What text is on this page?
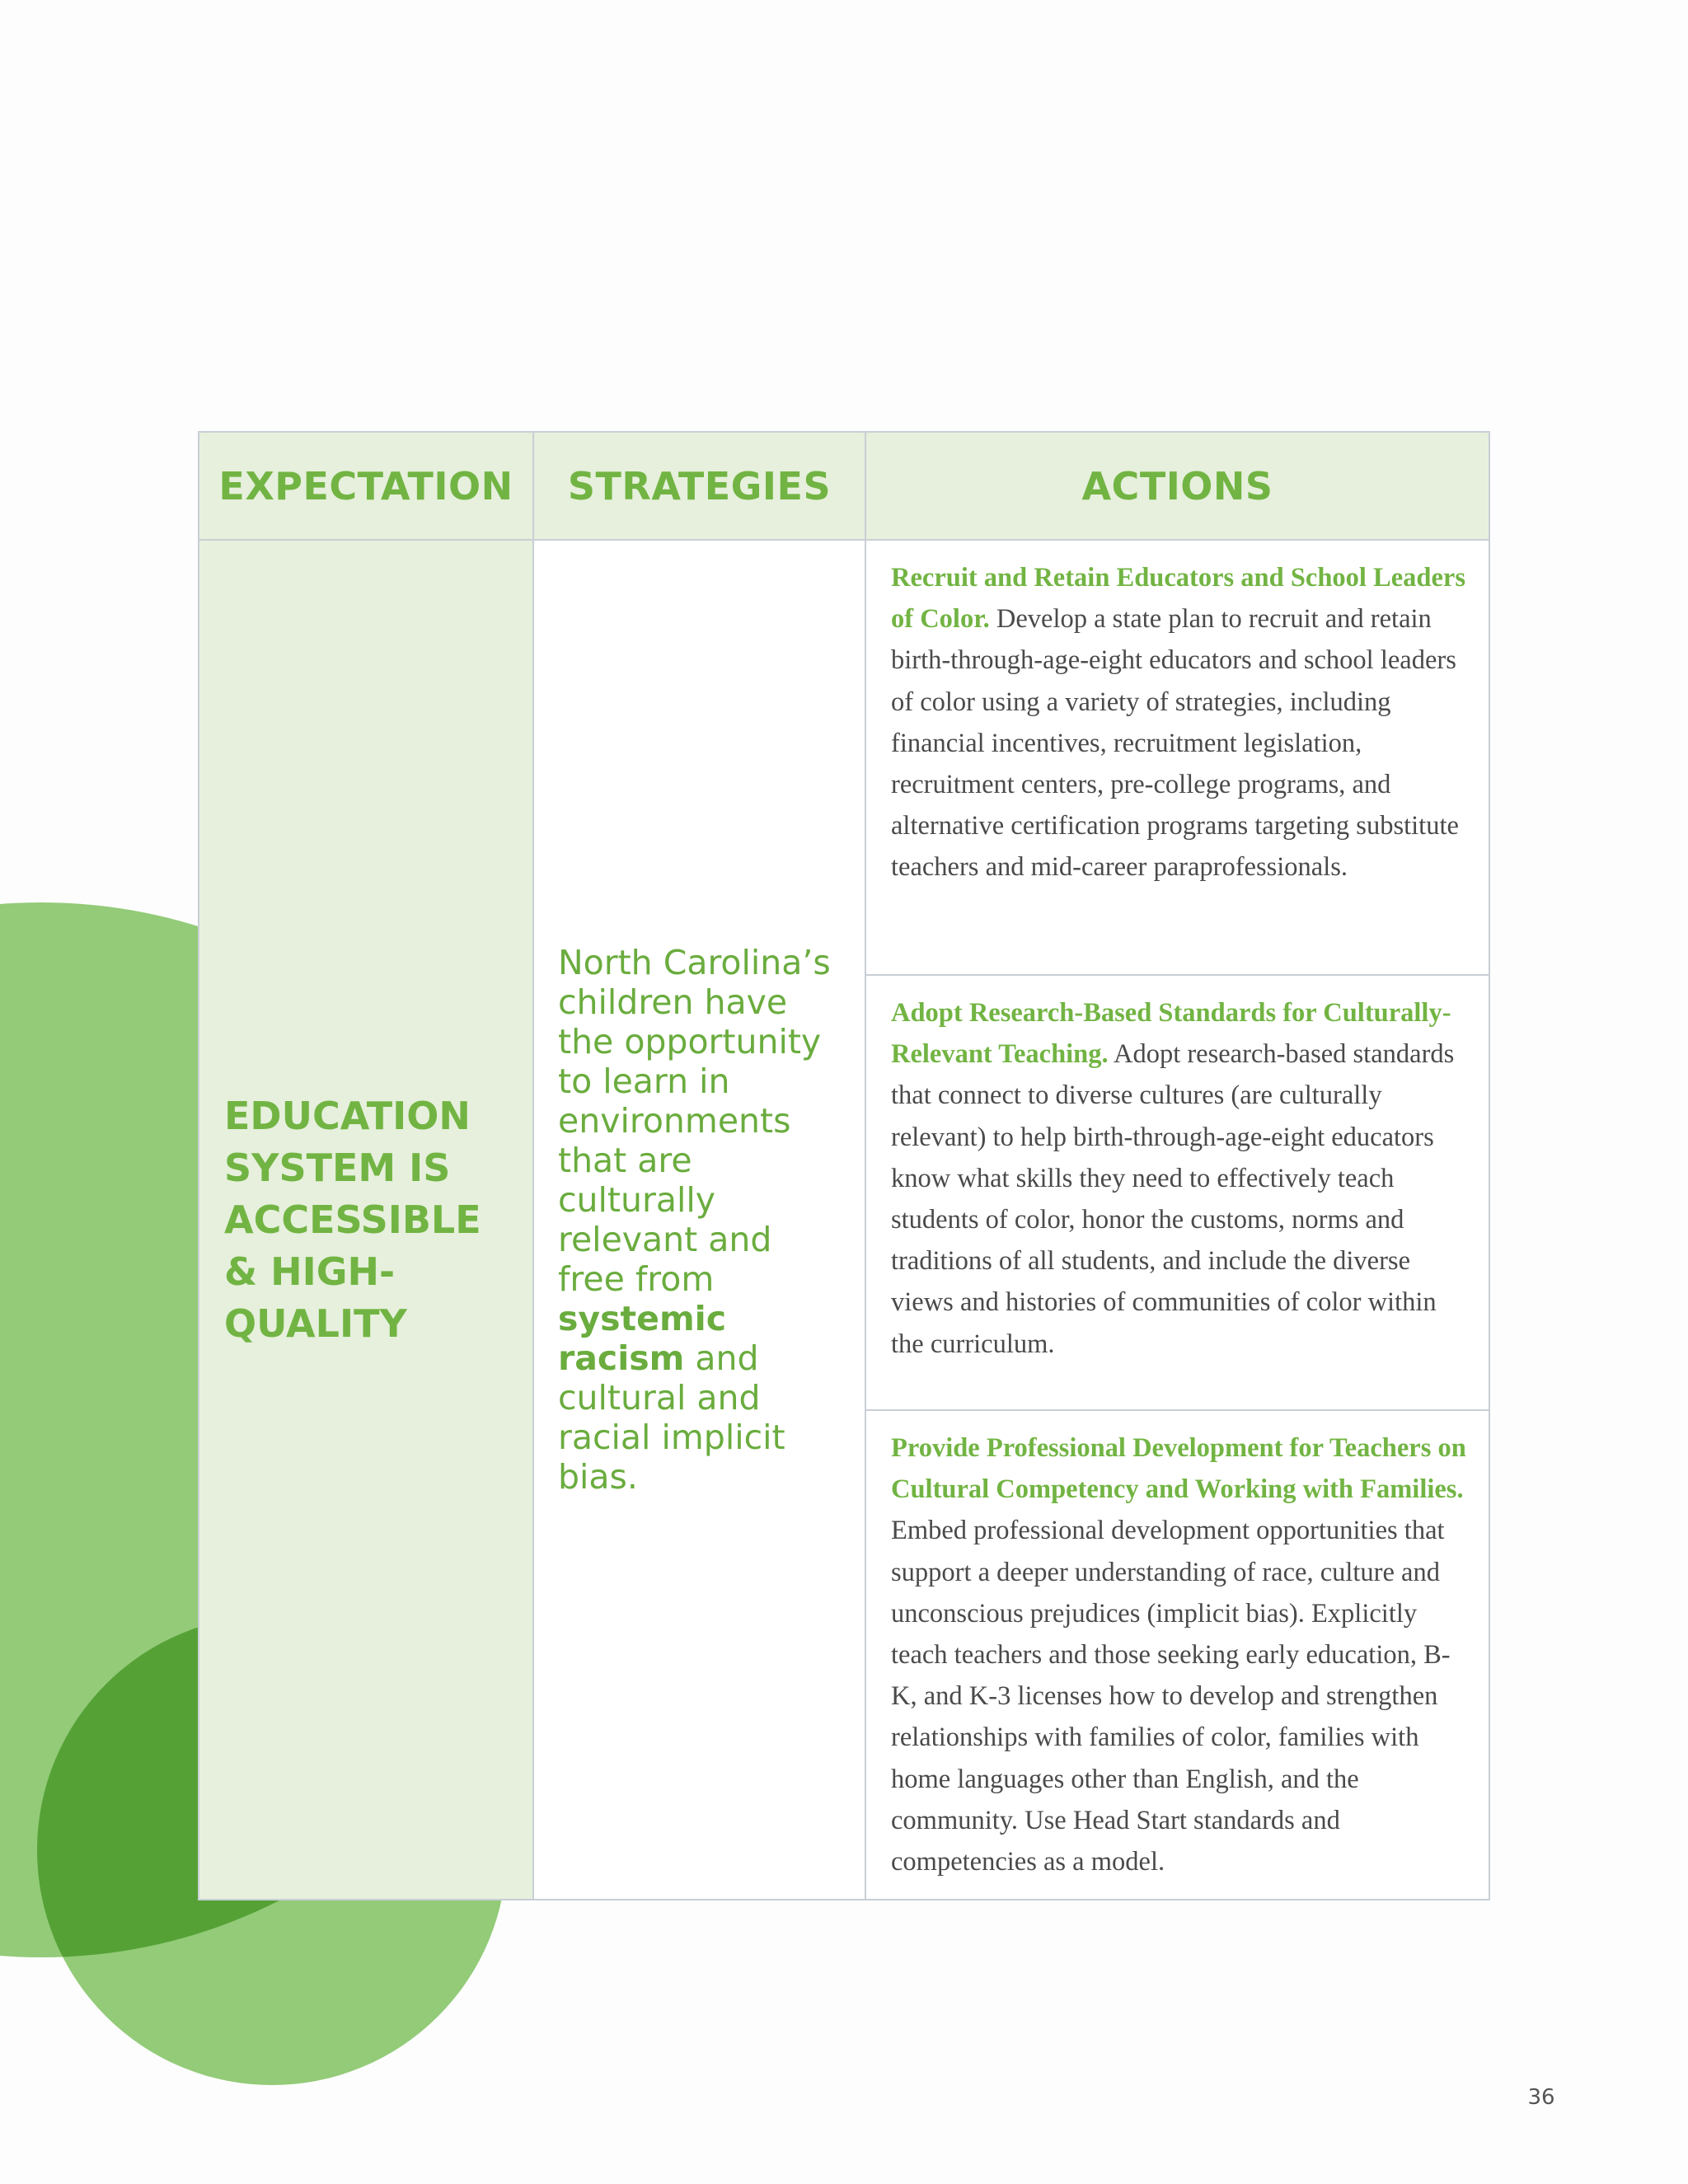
EXPECTATION	STRATEGIES	ACTIONS

EDUCATION SYSTEM IS ACCESSIBLE & HIGH-QUALITY	North Carolina’s children have the opportunity to learn in environments that are culturally relevant and free from systemic racism and cultural and racial implicit bias.	Recruit and Retain Educators and School Leaders of Color. Develop a state plan to recruit and retain birth-through-age-eight educators and school leaders of color using a variety of strategies, including financial incentives, recruitment legislation, recruitment centers, pre-college programs, and alternative certification programs targeting substitute teachers and mid-career paraprofessionals.
		Adopt Research-Based Standards for Culturally-Relevant Teaching. Adopt research-based standards that connect to diverse cultures (are culturally relevant) to help birth-through-age-eight educators know what skills they need to effectively teach students of color, honor the customs, norms and traditions of all students, and include the diverse views and histories of communities of color within the curriculum.
		Provide Professional Development for Teachers on Cultural Competency and Working with Families. Embed professional development opportunities that support a deeper understanding of race, culture and unconscious prejudices (implicit bias). Explicitly teach teachers and those seeking early education, B-K, and K-3 licenses how to develop and strengthen relationships with families of color, families with home languages other than English, and the community. Use Head Start standards and competencies as a model.
36
